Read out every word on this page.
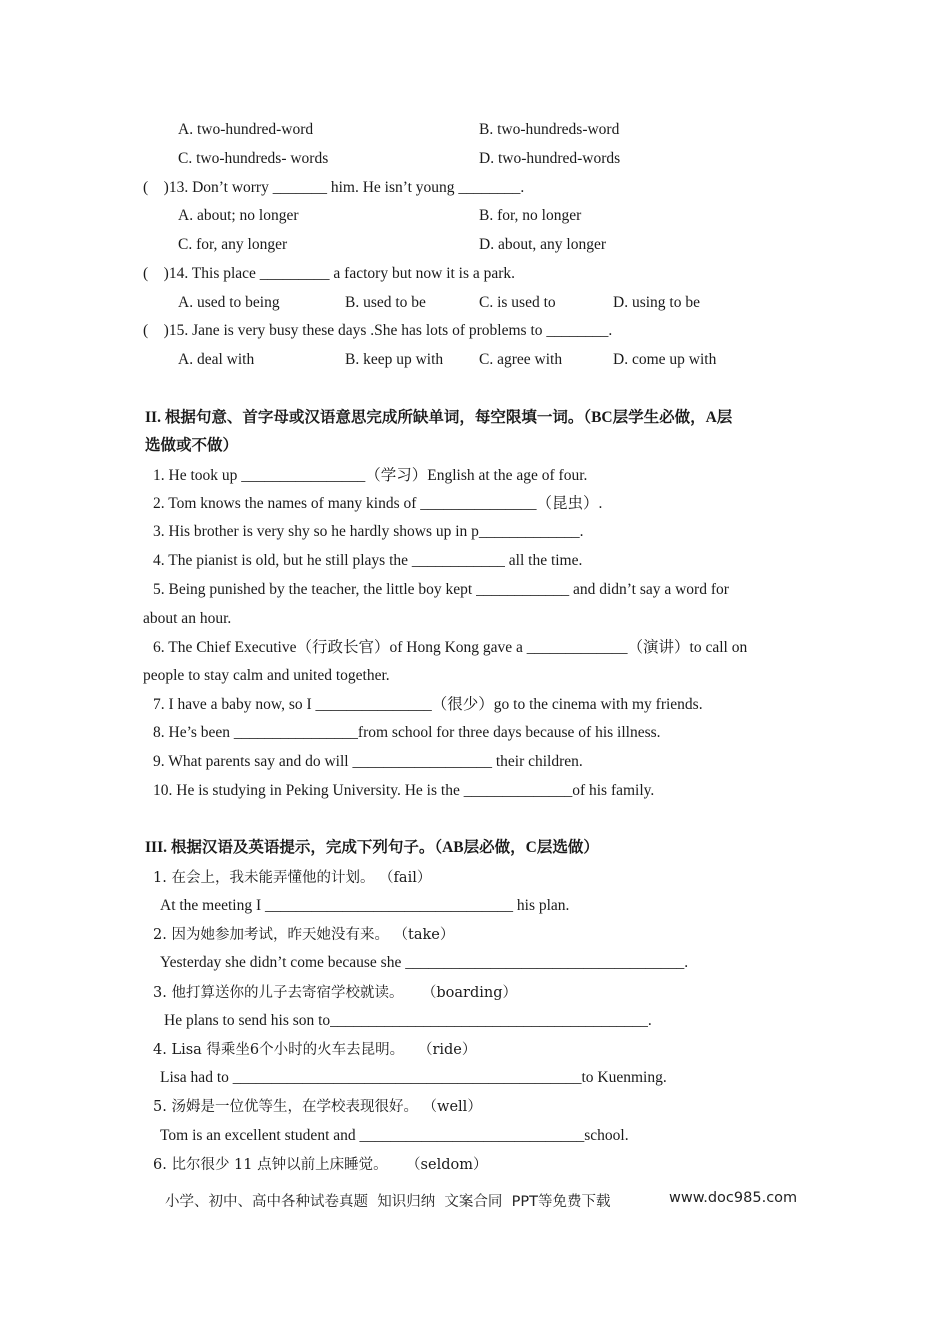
A. two-hundred-word	B. two-hundreds-word
C. two-hundreds- words	D. two-hundred-words
(    )13. Don’t worry _______ him. He isn’t young ________.
A. about; no longer	B. for, no longer
C. for, any longer	D. about, any longer
(    )14. This place _________ a factory but now it is a park.
A. used to being	B. used to be	C. is used to	D. using to be
(    )15. Jane is very busy these days .She has lots of problems to ________.
A. deal with	B. keep up with C. agree with	D. come up with
II. 根据句意、首字母或汉语意思完成所缺单词，每空限填一词。（BC层学生必做，A层
选做或不做）
1. He took up ________________（学习）English at the age of four.
2. Tom knows the names of many kinds of _______________（昆虫）.
3. His brother is very shy so he hardly shows up in p_____________.
4. The pianist is old, but he still plays the ____________ all the time.
5. Being punished by the teacher, the little boy kept ____________ and didn’t say a word for
about an hour.
6. The Chief Executive（行政长官）of Hong Kong gave a _____________（演讲）to call on
people to stay calm and united together.
7. I have a baby now, so I _______________（很少）go to the cinema with my friends.
8. He’s been ________________from school for three days because of his illness.
9. What parents say and do will __________________ their children.
10. He is studying in Peking University. He is the ______________of his family.
III. 根据汉语及英语提示，完成下列句子。（AB层必做，C层选做）
1. 在会上，我未能弄懂他的计划。 （fail）
At the meeting I ________________________________ his plan.
2. 因为她参加考试，昨天她没有来。 （take）
Yesterday she didn’t come because she ____________________________________.
3. 他打算送你的儿子去寄宿学校就读。    （boarding）
He plans to send his son to_________________________________________.
4. Lisa 得乘坐6个小时的火车去昆明。   （ride）
Lisa had to _____________________________________________to Kuenming.
5. 汤姆是一位优等生，在学校表现很好。 （well）
Tom is an excellent student and _____________________________school.
6. 比尔很少 11 点钟以前上床睡觉。    （seldom）
小学、初中、高中各种试卷真题  知识归纳  文案合同  PPT等免费下载	www.doc985.com
